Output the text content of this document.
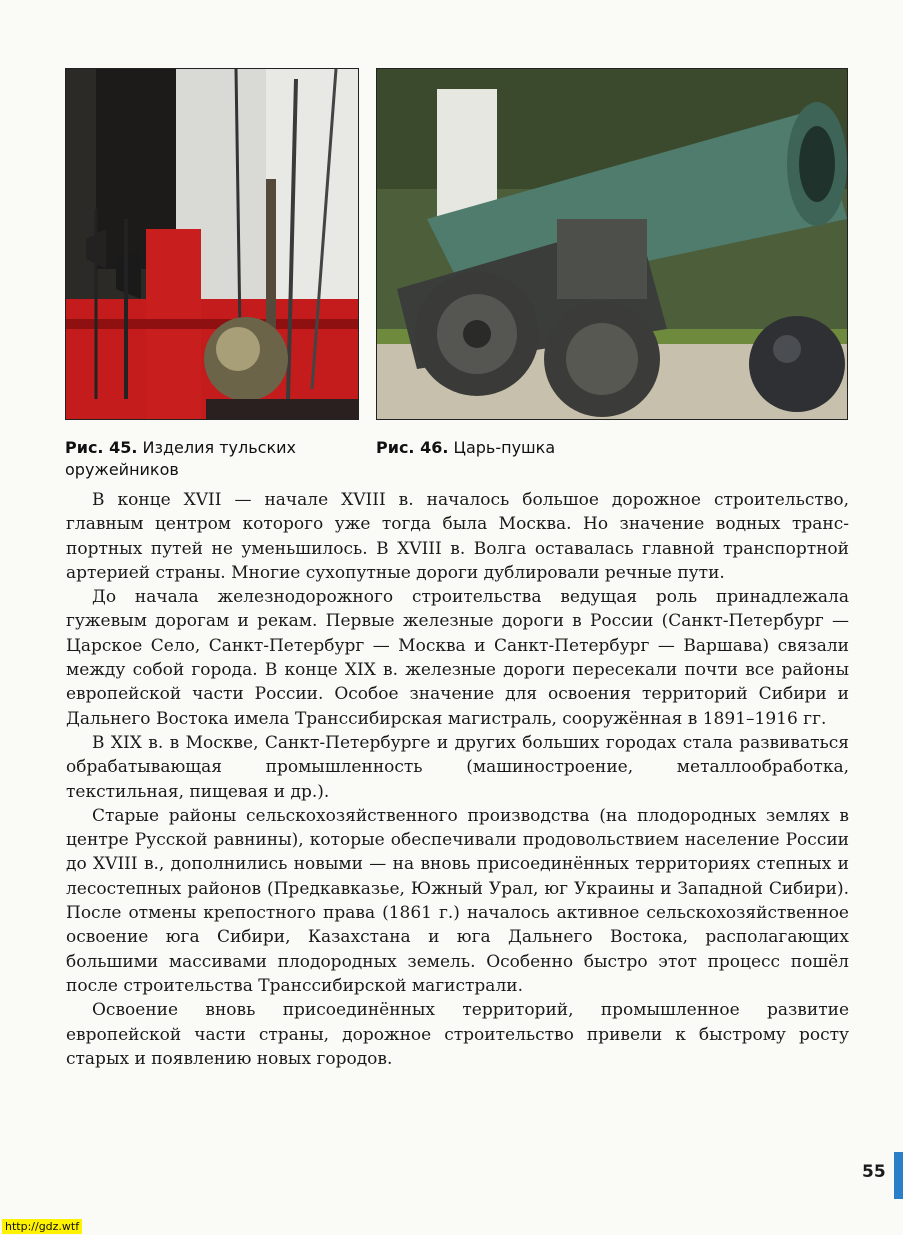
Рис. 45. Изделия тульских оружейников
Рис. 46. Царь-пушка

В конце XVII — начале XVIII в. началось большое дорожное строительство, главным центром которого уже тогда была Москва. Но значение водных транспортных путей не уменьшилось. В XVIII в. Волга оставалась главной транспортной артерией страны. Многие сухопутные дороги дублировали речные пути.

До начала железнодорожного строительства ведущая роль принадлежала гужевым дорогам и рекам. Первые железные дороги в России (Санкт-Петербург — Царское Село, Санкт-Петербург — Москва и Санкт-Петербург — Варшава) связали между собой города. В конце XIX в. железные дороги пересекали почти все районы европейской части России. Особое значение для освоения территорий Сибири и Дальнего Востока имела Транссибирская магистраль, сооружённая в 1891–1916 гг.

В XIX в. в Москве, Санкт-Петербурге и других больших городах стала развиваться обрабатывающая промышленность (машиностроение, металлообработка, текстильная, пищевая и др.).

Старые районы сельскохозяйственного производства (на плодородных землях в центре Русской равнины), которые обеспечивали продовольствием население России до XVIII в., дополнились новыми — на вновь присоединённых территориях степных и лесостепных районов (Предкавказье, Южный Урал, юг Украины и Западной Сибири). После отмены крепостного права (1861 г.) началось активное сельскохозяйственное освоение юга Сибири, Казахстана и юга Дальнего Востока, располагающих большими массивами плодородных земель. Особенно быстро этот процесс пошёл после строительства Транссибирской магистрали.

Освоение вновь присоединённых территорий, промышленное развитие европейской части страны, дорожное строительство привели к быстрому росту старых и появлению новых городов.

55
http://gdz.wtf
